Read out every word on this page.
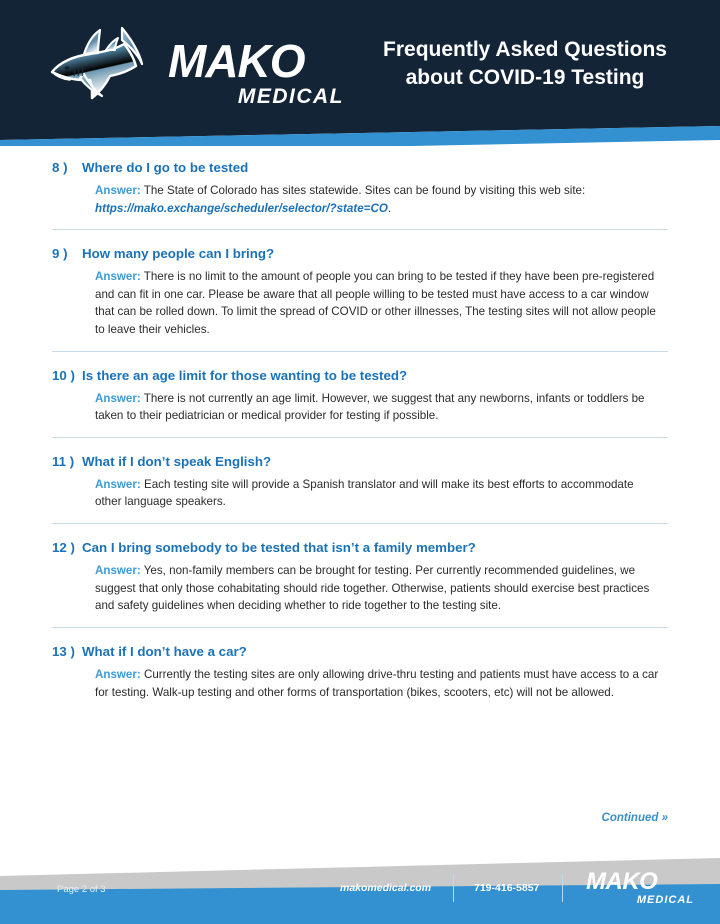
MAKO
MEDICAL
Frequently Asked Questions
about COVID-19 Testing
8 )	Where do I go to be tested
Answer: The State of Colorado has sites statewide. Sites can be found by visiting this web site: https://mako.exchange/scheduler/selector/?state=CO.
9 )	How many people can I bring?
Answer: There is no limit to the amount of people you can bring to be tested if they have been pre-registered and can fit in one car. Please be aware that all people willing to be tested must have access to a car window that can be rolled down. To limit the spread of COVID or other illnesses, The testing sites will not allow people to leave their vehicles.
10 ) Is there an age limit for those wanting to be tested?
Answer: There is not currently an age limit. However, we suggest that any newborns, infants or toddlers be taken to their pediatrician or medical provider for testing if possible.
11 ) What if I don’t speak English?
Answer: Each testing site will provide a Spanish translator and will make its best efforts to accommodate other language speakers.
12 ) Can I bring somebody to be tested that isn’t a family member?
Answer: Yes, non-family members can be brought for testing. Per currently recommended guidelines, we suggest that only those cohabitating should ride together. Otherwise, patients should exercise best practices and safety guidelines when deciding whether to ride together to the testing site.
13 ) What if I don’t have a car?
Answer: Currently the testing sites are only allowing drive-thru testing and patients must have access to a car for testing. Walk-up testing and other forms of transportation (bikes, scooters, etc) will not be allowed.
Continued »
Page 2 of 3	makomedical.com	719-416-5857 MAKO
MEDICAL
